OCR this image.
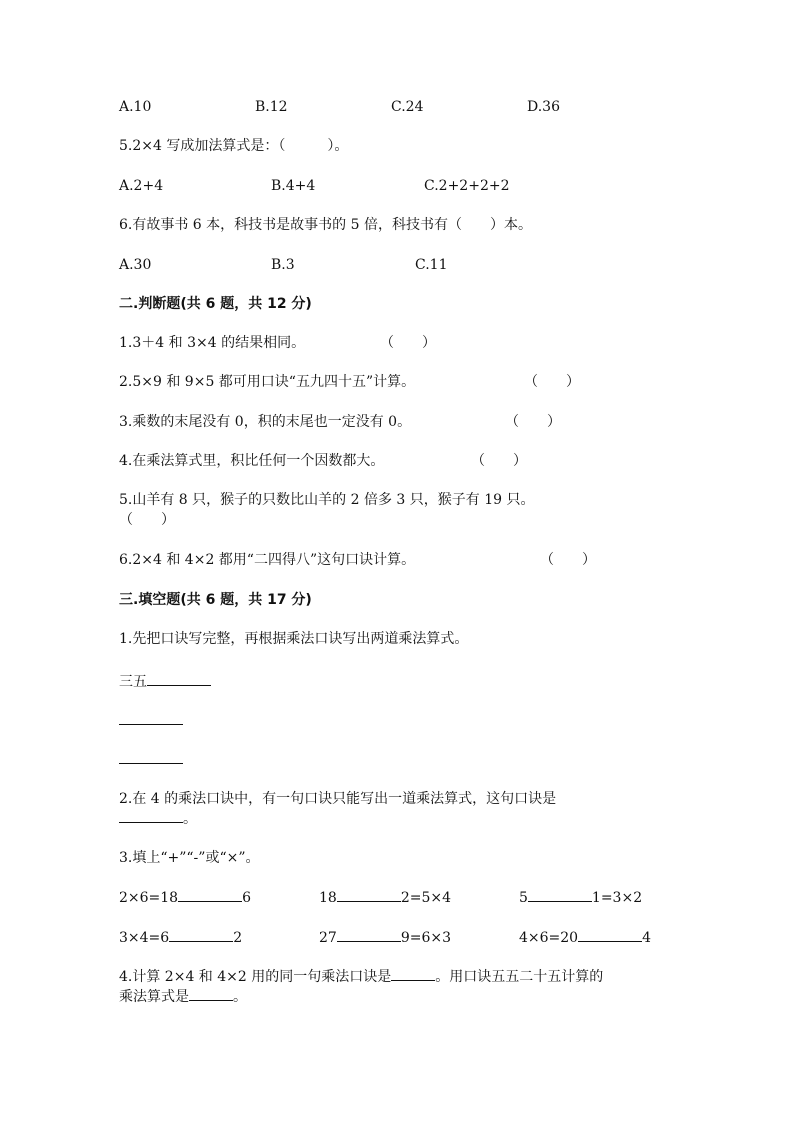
A.10	B.12	C.24	D.36
5.2×4 写成加法算式是：（　　　）。
A.2+4	B.4+4	C.2+2+2+2
6.有故事书 6 本，科技书是故事书的 5 倍，科技书有（　　）本。
A.30	B.3	C.11
二.判断题(共 6 题，共 12 分)
1.3＋4 和 3×4 的结果相同。	（　　）
2.5×9 和 9×5 都可用口诀“五九四十五”计算。	（　　）
3.乘数的末尾没有 0，积的末尾也一定没有 0。	（　　）
4.在乘法算式里，积比任何一个因数都大。	（　　）
5.山羊有 8 只，猴子的只数比山羊的 2 倍多 3 只，猴子有 19 只。
（　　）
6.2×4 和 4×2 都用“二四得八”这句口诀计算。	（　　）
三.填空题(共 6 题，共 17 分)
1.先把口诀写完整，再根据乘法口诀写出两道乘法算式。
三五
2.在 4 的乘法口诀中，有一句口诀只能写出一道乘法算式，这句口诀是
。
3.填上“+”“-”或“×”。
2×6=18	6	18	2=5×4	5	1=3×2
3×4=6	2	27	9=6×3	4×6=20	4
4.计算 2×4 和 4×2 用的同一句乘法口诀是	。用口诀五五二十五计算的
乘法算式是	。
